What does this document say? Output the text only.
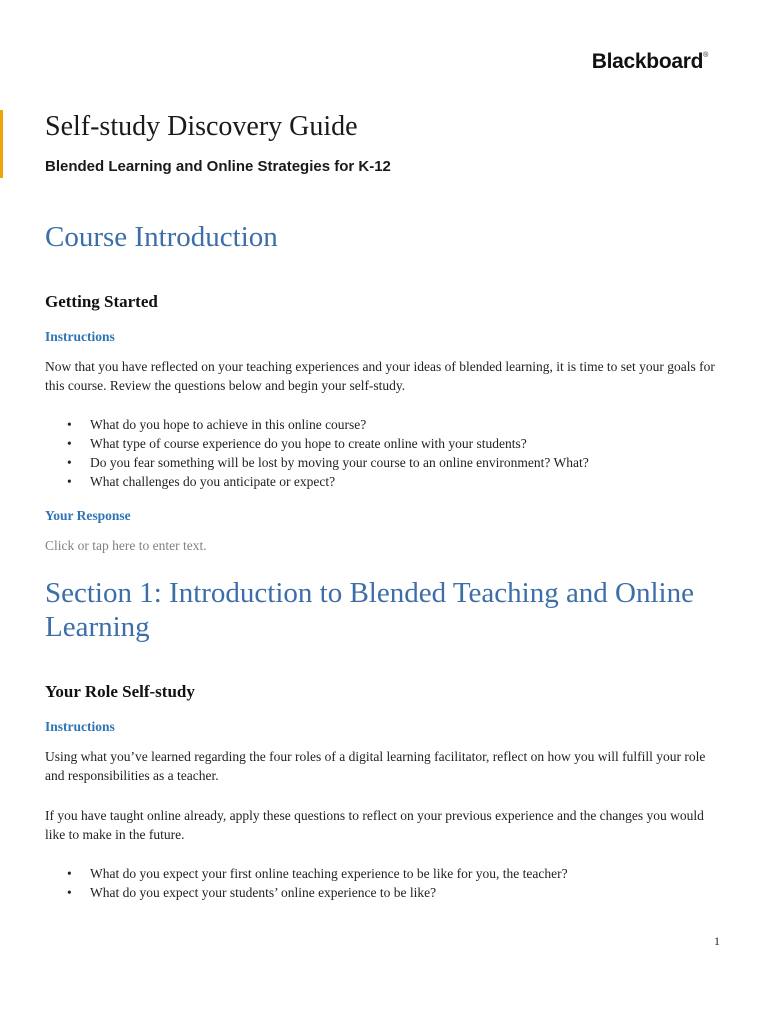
Blackboard®
Self-study Discovery Guide
Blended Learning and Online Strategies for K-12
Course Introduction
Getting Started
Instructions

Now that you have reflected on your teaching experiences and your ideas of blended learning, it is time to set your goals for this course. Review the questions below and begin your self-study.

• What do you hope to achieve in this online course?
• What type of course experience do you hope to create online with your students?
• Do you fear something will be lost by moving your course to an online environment? What?
• What challenges do you anticipate or expect?
Your Response

Click or tap here to enter text.

Section 1: Introduction to Blended Teaching and Online Learning
Your Role Self-study
Instructions

Using what you’ve learned regarding the four roles of a digital learning facilitator, reflect on how you will fulfill your role and responsibilities as a teacher.

If you have taught online already, apply these questions to reflect on your previous experience and the changes you would like to make in the future.

• What do you expect your first online teaching experience to be like for you, the teacher?
• What do you expect your students’ online experience to be like?
1
